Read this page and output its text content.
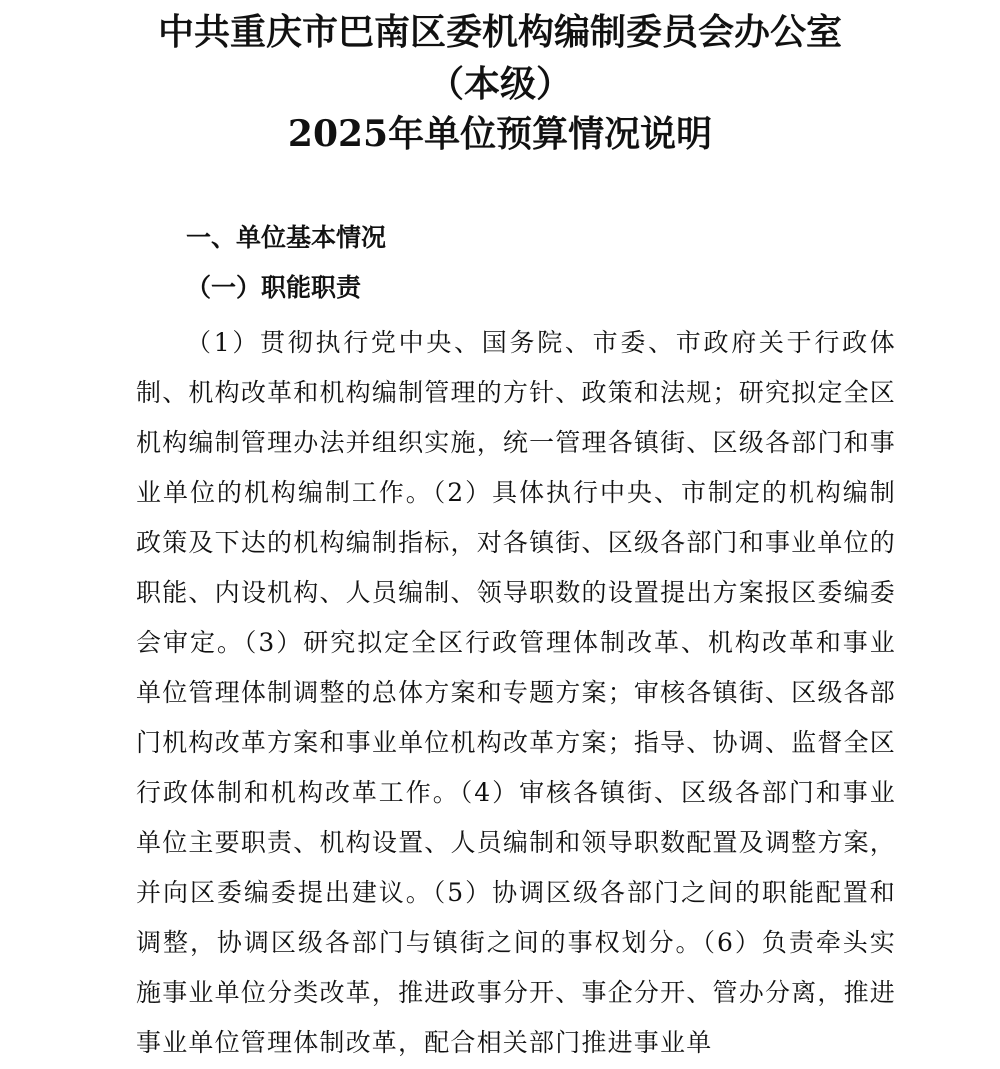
中共重庆市巴南区委机构编制委员会办公室
（本级）
2025年单位预算情况说明
一、单位基本情况
（一）职能职责

（1）贯彻执行党中央、国务院、市委、市政府关于行政体制、机构改革和机构编制管理的方针、政策和法规；研究拟定全区机构编制管理办法并组织实施，统一管理各镇街、区级各部门和事业单位的机构编制工作。（2）具体执行中央、市制定的机构编制政策及下达的机构编制指标，对各镇街、区级各部门和事业单位的职能、内设机构、人员编制、领导职数的设置提出方案报区委编委会审定。（3）研究拟定全区行政管理体制改革、机构改革和事业单位管理体制调整的总体方案和专题方案；审核各镇街、区级各部门机构改革方案和事业单位机构改革方案；指导、协调、监督全区行政体制和机构改革工作。（4）审核各镇街、区级各部门和事业单位主要职责、机构设置、人员编制和领导职数配置及调整方案，并向区委编委提出建议。（5）协调区级各部门之间的职能配置和调整，协调区级各部门与镇街之间的事权划分。（6）负责牵头实施事业单位分类改革，推进政事分开、事企分开、管办分离，推进事业单位管理体制改革，配合相关部门推进事业单
